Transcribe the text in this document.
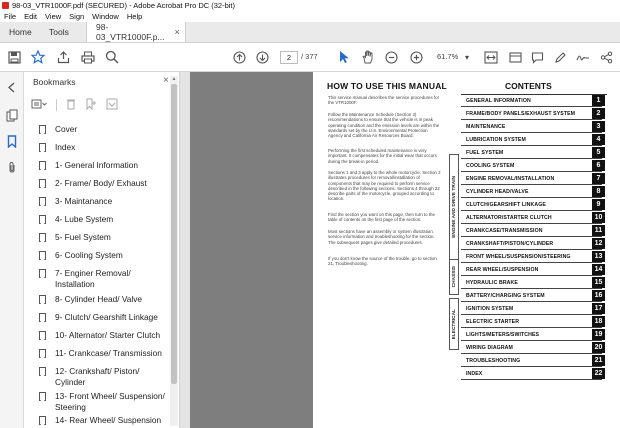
98-03_VTR1000F.pdf (SECURED) - Adobe Acrobat Pro DC (32-bit)
File Edit View Sign Window Help
Home	Tools	98-03_VTR1000F.p... ×
2	/ 377	61.7% ▾
Bookmarks	×
Cover
Index
1- General Information
2- Frame/ Body/ Exhaust
3- Maintanance
4- Lube System
5- Fuel System
6- Cooling System
7- Enginer Removal/ Installation
8- Cylinder Head/ Valve
9- Clutch/ Gearshift Linkage
10- Alternator/ Starter Clutch
11- Crankcase/ Transmission
12- Crankshaft/ Piston/ Cylinder
13- Front Wheel/ Suspension/ Steering
14- Rear Wheel/ Suspension
▲
HOW TO USE THIS MANUAL
This service manual describes the service procedures for the VTR1000F.
Follow the Maintenance Schedule (Section 3) recommendations to ensure that the vehicle is in peak operating condition and the emission levels are within the standards set by the U.S. Environmental Protection Agency and California Air Resources Board.
Performing the first scheduled maintenance is very important. It compensates for the initial wear that occurs during the break-in period.
Sections 1 and 3 apply to the whole motorcycle. Section 2 illustrates procedures for removal/installation of components that may be required to perform service described in the following sections. Sections 4 through 22 describe parts of the motorcycle, grouped according to location.
Find the section you want on this page, then turn to the table of contents on the first page of the section.
Most sections have an assembly or system illustration, service information and troubleshooting for the section. The subsequent pages give detailed procedures.
If you don't know the source of the trouble, go to section 21, Troubleshooting.
CONTENTS
ENGINE AND DRIVE TRAIN
CHASSIS
ELECTRICAL
GENERAL INFORMATION	1
FRAME/BODY PANELS/EXHAUST SYSTEM	2
MAINTENANCE	3
LUBRICATION SYSTEM	4
FUEL SYSTEM	5
COOLING SYSTEM	6
ENGINE REMOVAL/INSTALLATION	7
CYLINDER HEAD/VALVE	8
CLUTCH/GEARSHIFT LINKAGE	9
ALTERNATOR/STARTER CLUTCH	10
CRANKCASE/TRANSMISSION	11
CRANKSHAFT/PISTON/CYLINDER	12
FRONT WHEEL/SUSPENSION/STEERING	13
REAR WHEEL/SUSPENSION	14
HYDRAULIC BRAKE	15
BATTERY/CHARGING SYSTEM	16
IGNITION SYSTEM	17
ELECTRIC STARTER	18
LIGHTS/METERS/SWITCHES	19
WIRING DIAGRAM	20
TROUBLESHOOTING	21
INDEX	22
